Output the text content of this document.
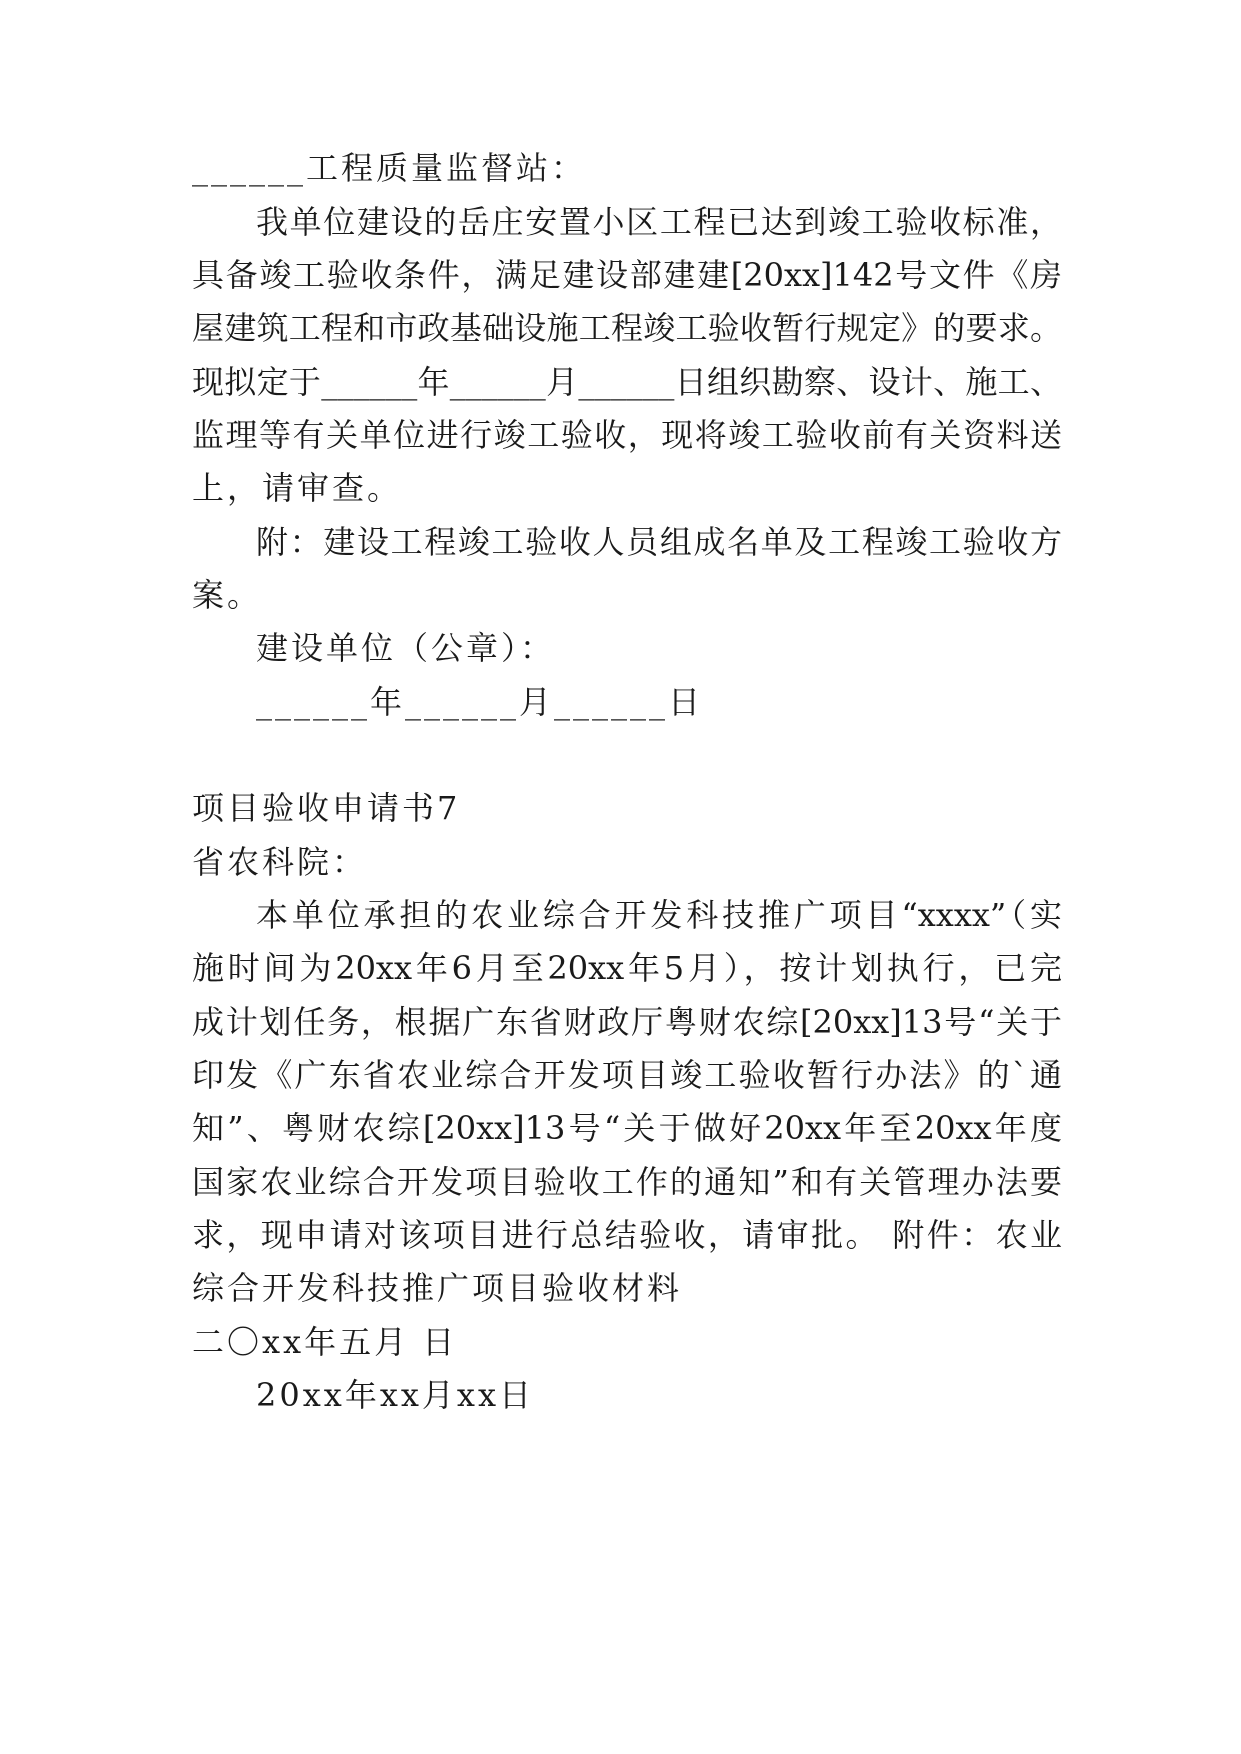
______工程质量监督站：
我单位建设的岳庄安置小区工程已达到竣工验收标准，
具备竣工验收条件，满足建设部建建[20xx]142号文件《房
屋建筑工程和市政基础设施工程竣工验收暂行规定》的要求。
现拟定于______年______月______日组织勘察、设计、施工、
监理等有关单位进行竣工验收，现将竣工验收前有关资料送
上，请审查。
附：建设工程竣工验收人员组成名单及工程竣工验收方
案。
建设单位（公章）：
______年______月______日
项目验收申请书7
省农科院：
本单位承担的农业综合开发科技推广项目“xxxx”（实
施时间为20xx年6月至20xx年5月），按计划执行，已完
成计划任务，根据广东省财政厅粤财农综[20xx]13号“关于
印发《广东省农业综合开发项目竣工验收暂行办法》的`通
知”、粤财农综[20xx]13号“关于做好20xx年至20xx年度
国家农业综合开发项目验收工作的通知”和有关管理办法要
求，现申请对该项目进行总结验收，请审批。 附件：农业
综合开发科技推广项目验收材料
二〇xx年五月 日
20xx年xx月xx日
